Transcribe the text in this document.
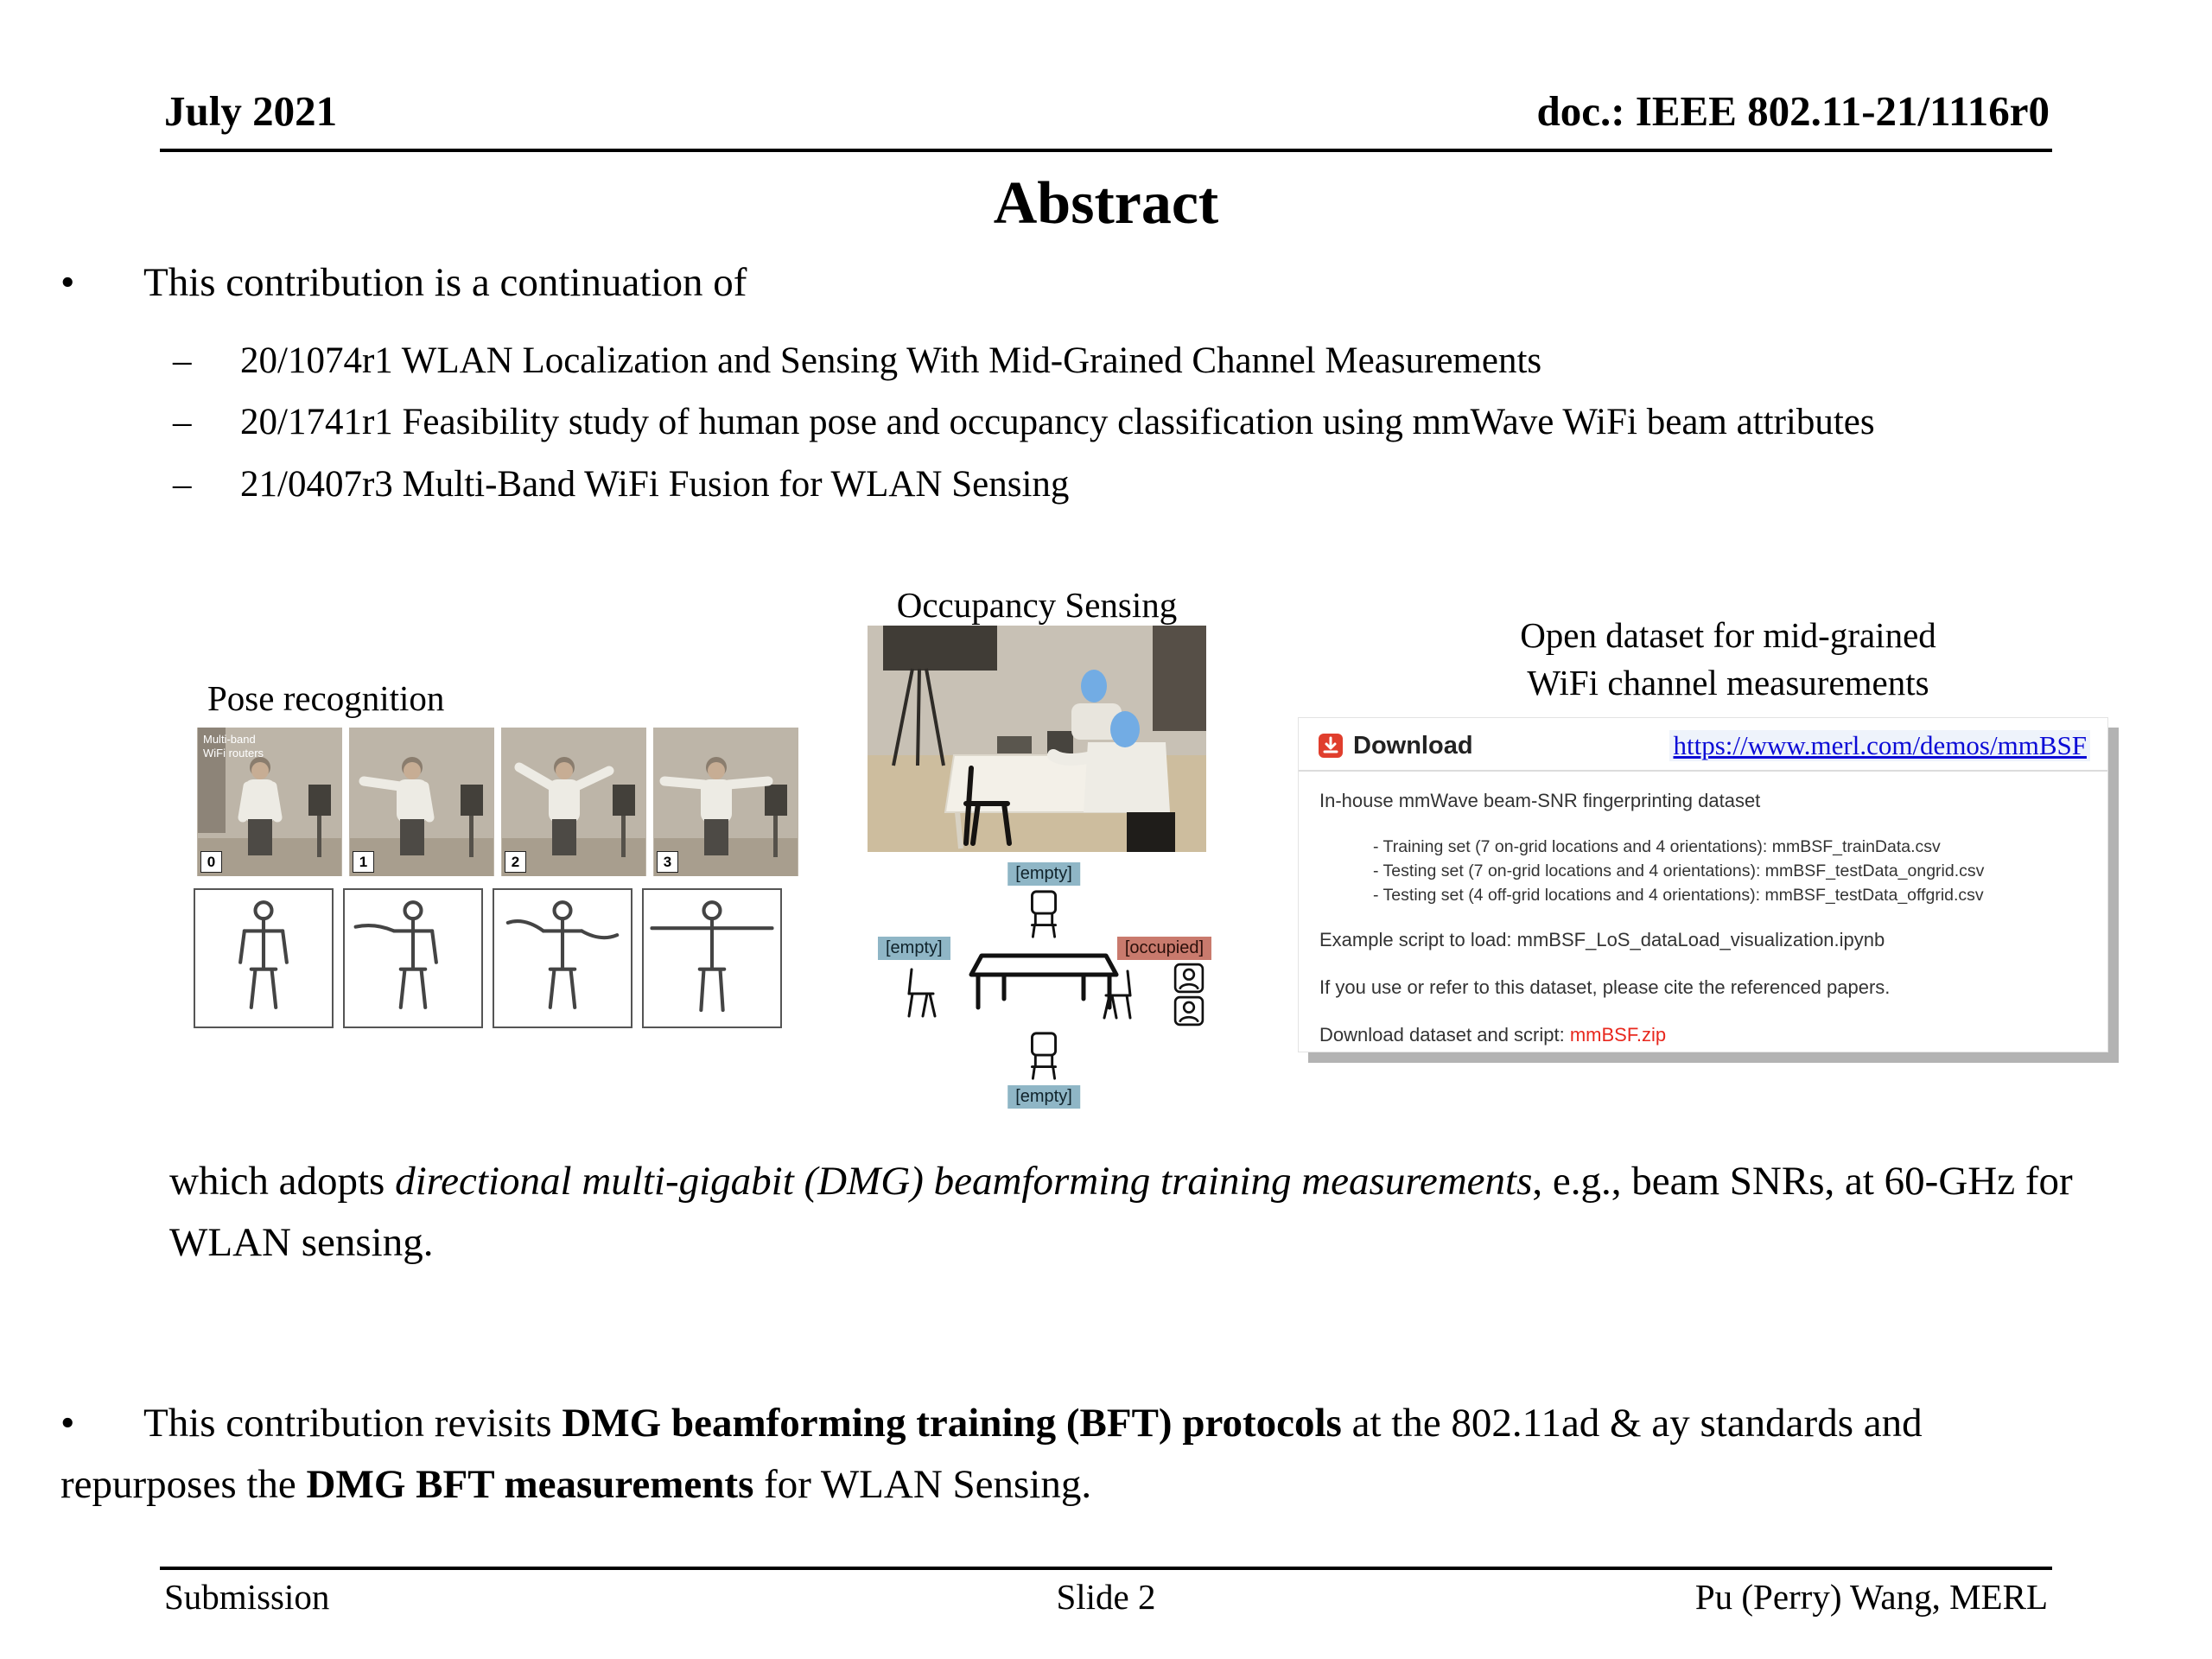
July 2021	doc.: IEEE 802.11-21/1116r0
Abstract
• This contribution is a continuation of
– 20/1074r1 WLAN Localization and Sensing With Mid-Grained Channel Measurements
– 20/1741r1 Feasibility study of human pose and occupancy classification using mmWave WiFi beam attributes
– 21/0407r3 Multi-Band WiFi Fusion for WLAN Sensing
Pose recognition
Multi-band
WiFi routers
0	1	2	3
Occupancy Sensing
[empty]
[empty]	[occupied]
[empty]
Open dataset for mid-grained
WiFi channel measurements
Download	https://www.merl.com/demos/mmBSF
In-house mmWave beam-SNR fingerprinting dataset
- Training set (7 on-grid locations and 4 orientations): mmBSF_trainData.csv
- Testing set (7 on-grid locations and 4 orientations): mmBSF_testData_ongrid.csv
- Testing set (4 off-grid locations and 4 orientations): mmBSF_testData_offgrid.csv
Example script to load: mmBSF_LoS_dataLoad_visualization.ipynb
If you use or refer to this dataset, please cite the referenced papers.
Download dataset and script: mmBSF.zip
which adopts directional multi-gigabit (DMG) beamforming training measurements, e.g., beam SNRs, at 60-GHz for WLAN sensing.
• This contribution revisits DMG beamforming training (BFT) protocols at the 802.11ad & ay standards and repurposes the DMG BFT measurements for WLAN Sensing.
Submission	Slide 2	Pu (Perry) Wang, MERL
